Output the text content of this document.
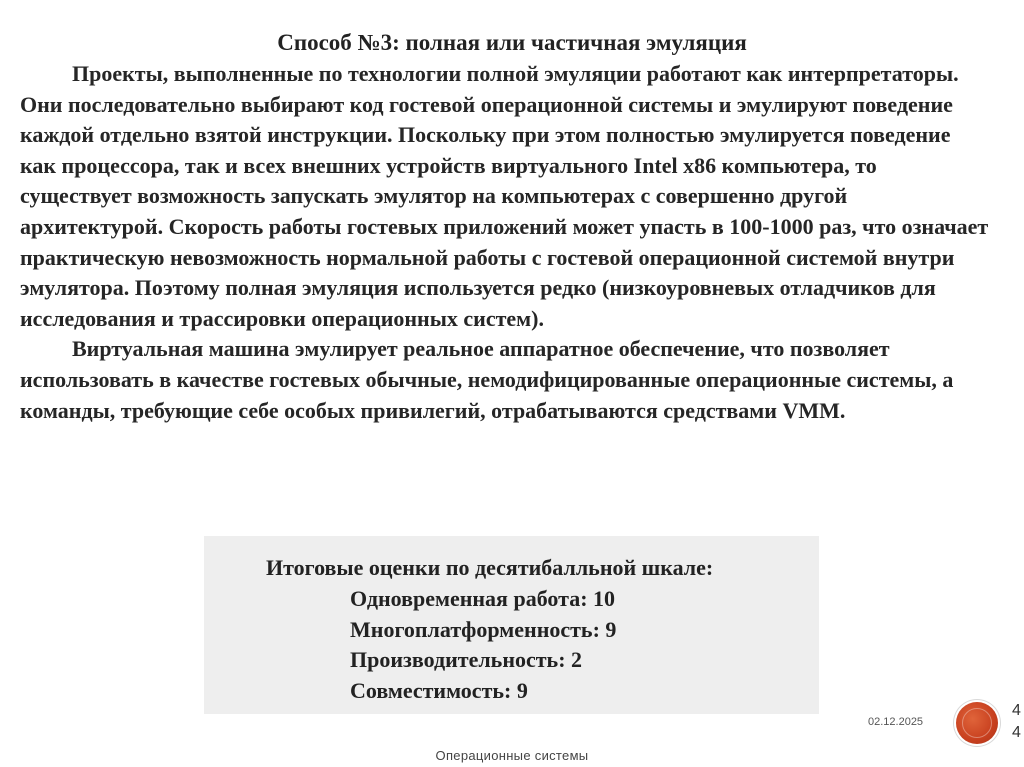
Способ №3: полная или частичная эмуляция

Проекты, выполненные по технологии полной эмуляции работают как интерпретаторы. Они последовательно выбирают код гостевой операционной системы и эмулируют поведение каждой отдельно взятой инструкции. Поскольку при этом полностью эмулируется поведение как процессора, так и всех внешних устройств виртуального Intel x86 компьютера, то существует возможность запускать эмулятор на компьютерах с совершенно другой архитектурой. Скорость работы гостевых приложений может упасть в 100-1000 раз, что означает практическую невозможность нормальной работы с гостевой операционной системой внутри эмулятора. Поэтому полная эмуляция используется редко (низкоуровневых отладчиков для исследования и трассировки операционных систем).

Виртуальная машина эмулирует реальное аппаратное обеспечение, что позволяет использовать в качестве гостевых обычные, немодифицированные операционные системы, а команды, требующие себе особых привилегий, отрабатываются средствами VMM.

Итоговые оценки по десятибалльной шкале:
Одновременная работа: 10
Многоплатформенность: 9
Производительность: 2
Совместимость: 9
02.12.2025
44
Операционные системы
